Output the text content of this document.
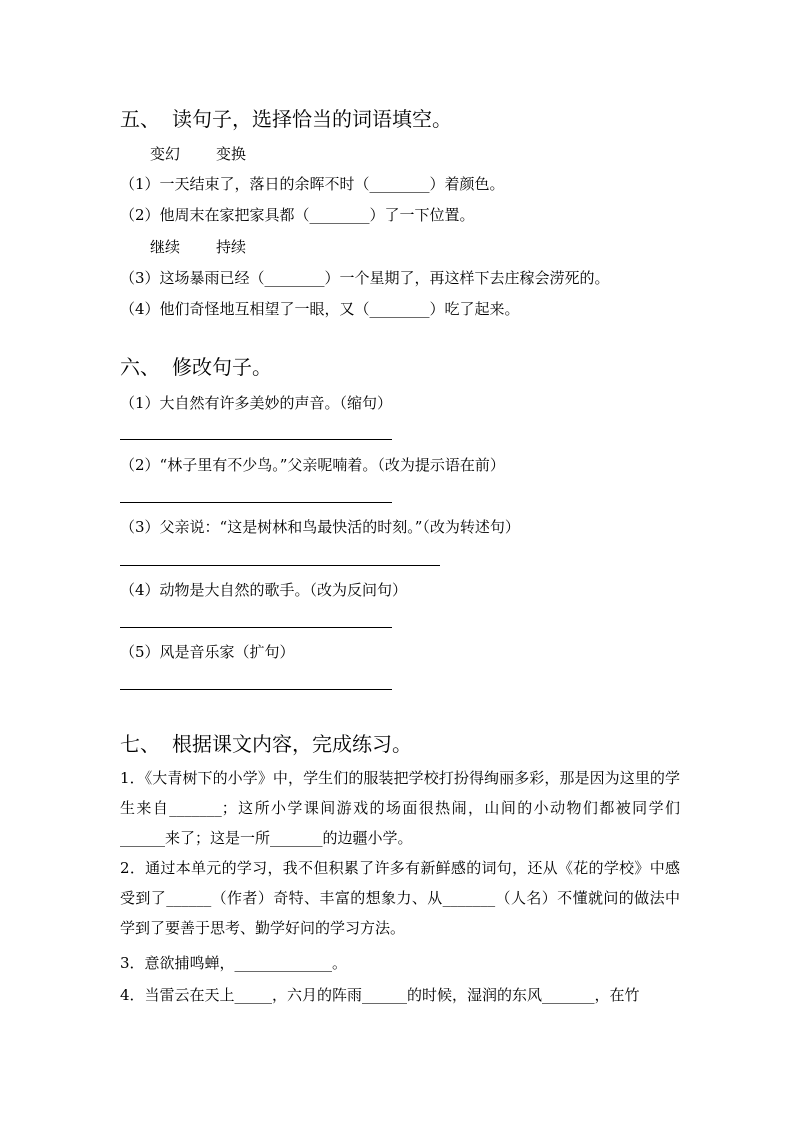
五、 读句子，选择恰当的词语填空。
变幻 变换
（1）一天结束了，落日的余晖不时（________）着颜色。
（2）他周末在家把家具都（________）了一下位置。
继续 持续
（3）这场暴雨已经（________）一个星期了，再这样下去庄稼会涝死的。
（4）他们奇怪地互相望了一眼，又（________）吃了起来。
六、 修改句子。
（1）大自然有许多美妙的声音。（缩句）
（2）“林子里有不少鸟。”父亲呢喃着。（改为提示语在前）
（3）父亲说：“这是树林和鸟最快活的时刻。”（改为转述句）
（4）动物是大自然的歌手。（改为反问句）
（5）风是音乐家（扩句）
七、 根据课文内容，完成练习。
1．《大青树下的小学》中，学生们的服装把学校打扮得绚丽多彩，那是因为这里的学生来自_______；这所小学课间游戏的场面很热闹，山间的小动物们都被同学们______来了；这是一所_______的边疆小学。
2．通过本单元的学习，我不但积累了许多有新鲜感的词句，还从《花的学校》中感受到了______（作者）奇特、丰富的想象力、从_______（人名）不懂就问的做法中学到了要善于思考、勤学好问的学习方法。
3．意欲捕鸣蝉，_____________。
4．当雷云在天上_____，六月的阵雨______的时候，湿润的东风_______，在竹
